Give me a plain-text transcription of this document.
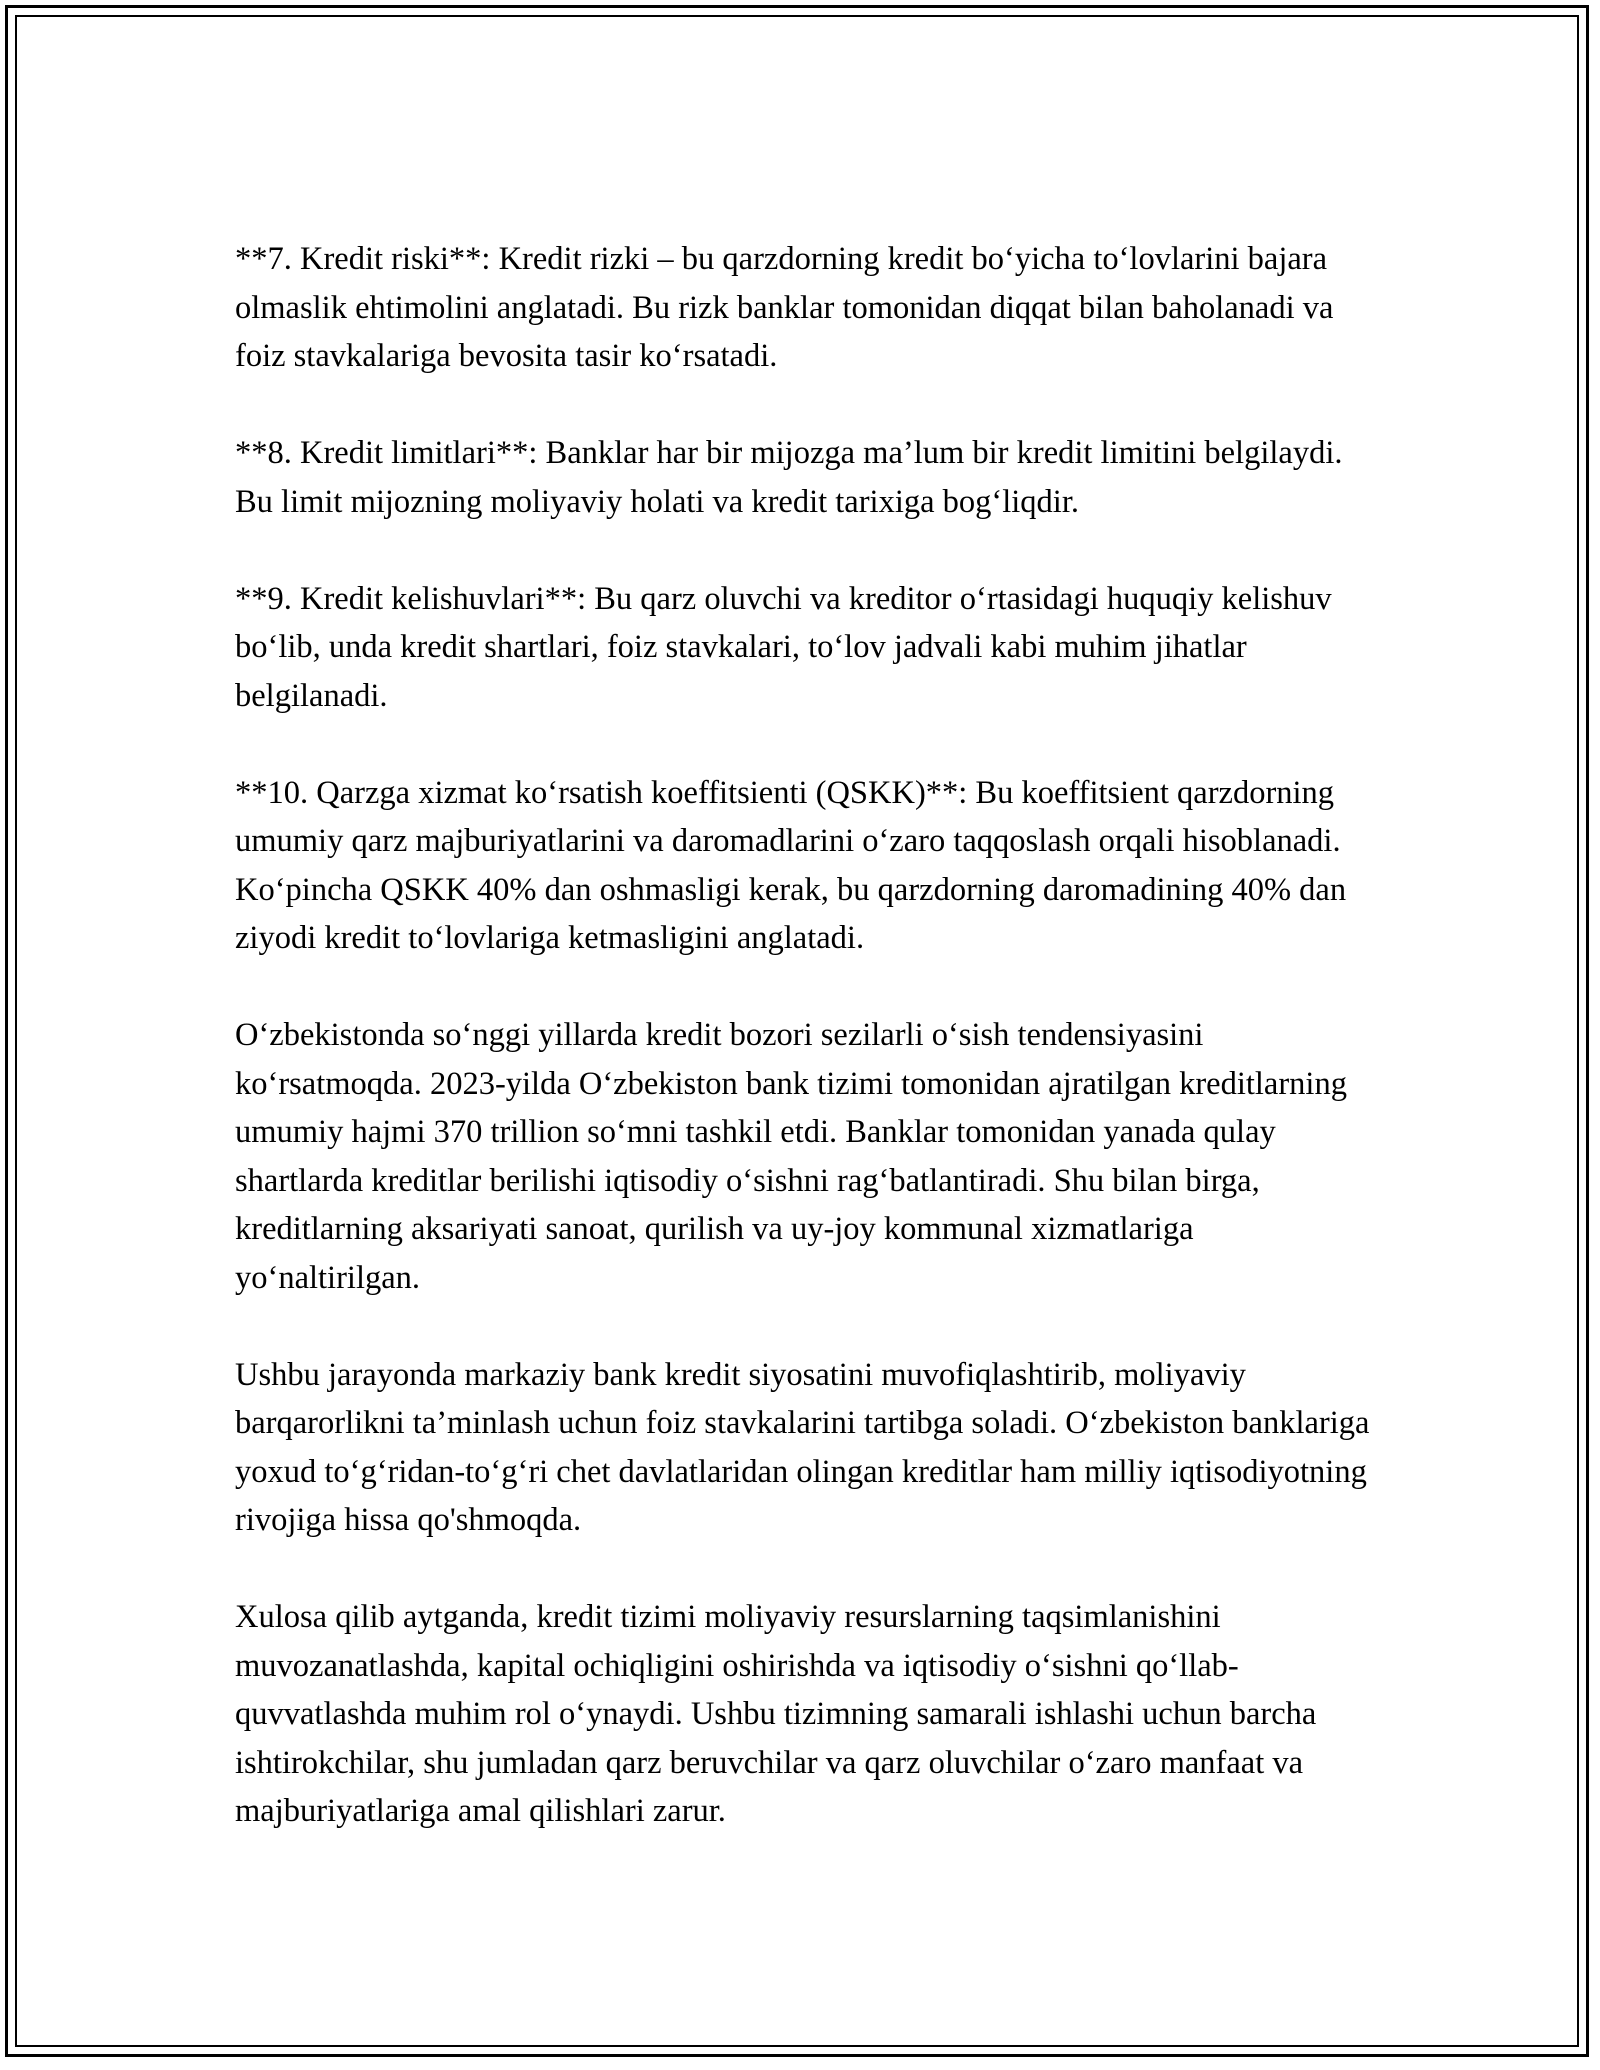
**7. Kredit riski**: Kredit rizki – bu qarzdorning kredit bo‘yicha to‘lovlarini bajara olmaslik ehtimolini anglatadi. Bu rizk banklar tomonidan diqqat bilan baholanadi va foiz stavkalariga bevosita tasir ko‘rsatadi.

**8. Kredit limitlari**: Banklar har bir mijozga ma’lum bir kredit limitini belgilaydi. Bu limit mijozning moliyaviy holati va kredit tarixiga bog‘liqdir.

**9. Kredit kelishuvlari**: Bu qarz oluvchi va kreditor o‘rtasidagi huquqiy kelishuv bo‘lib, unda kredit shartlari, foiz stavkalari, to‘lov jadvali kabi muhim jihatlar belgilanadi.

**10. Qarzga xizmat ko‘rsatish koeffitsienti (QSKK)**: Bu koeffitsient qarzdorning umumiy qarz majburiyatlarini va daromadlarini o‘zaro taqqoslash orqali hisoblanadi. Ko‘pincha QSKK 40% dan oshmasligi kerak, bu qarzdorning daromadining 40% dan ziyodi kredit to‘lovlariga ketmasligini anglatadi.

O‘zbekistonda so‘nggi yillarda kredit bozori sezilarli o‘sish tendensiyasini ko‘rsatmoqda. 2023-yilda O‘zbekiston bank tizimi tomonidan ajratilgan kreditlarning umumiy hajmi 370 trillion so‘mni tashkil etdi. Banklar tomonidan yanada qulay shartlarda kreditlar berilishi iqtisodiy o‘sishni rag‘batlantiradi. Shu bilan birga, kreditlarning aksariyati sanoat, qurilish va uy-joy kommunal xizmatlariga yo‘naltirilgan.

Ushbu jarayonda markaziy bank kredit siyosatini muvofiqlashtirib, moliyaviy barqarorlikni ta’minlash uchun foiz stavkalarini tartibga soladi. O‘zbekiston banklariga yoxud to‘g‘ridan-to‘g‘ri chet davlatlaridan olingan kreditlar ham milliy iqtisodiyotning rivojiga hissa qo'shmoqda.

Xulosa qilib aytganda, kredit tizimi moliyaviy resurslarning taqsimlanishini muvozanatlashda, kapital ochiqligini oshirishda va iqtisodiy o‘sishni qo‘llab-quvvatlashda muhim rol o‘ynaydi. Ushbu tizimning samarali ishlashi uchun barcha ishtirokchilar, shu jumladan qarz beruvchilar va qarz oluvchilar o‘zaro manfaat va majburiyatlariga amal qilishlari zarur.
